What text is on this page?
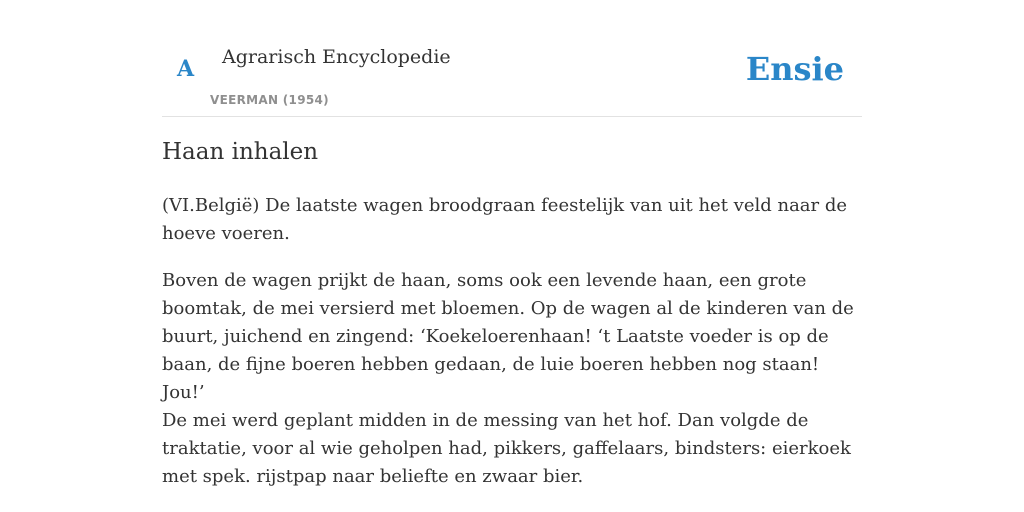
A Agrarisch Encyclopedie
VEERMAN (1954)
Ensie
Haan inhalen

(VI.België) De laatste wagen broodgraan feestelijk van uit het veld naar de hoeve voeren.

Boven de wagen prijkt de haan, soms ook een levende haan, een grote boomtak, de mei versierd met bloemen. Op de wagen al de kinderen van de buurt, juichend en zingend: ‘Koekeloerenhaan! ‘t Laatste voeder is op de baan, de fijne boeren hebben gedaan, de luie boeren hebben nog staan! Jou!’

De mei werd geplant midden in de messing van het hof. Dan volgde de traktatie, voor al wie geholpen had, pikkers, gaffelaars, bindsters: eierkoek met spek. rijstpap naar beliefte en zwaar bier.
